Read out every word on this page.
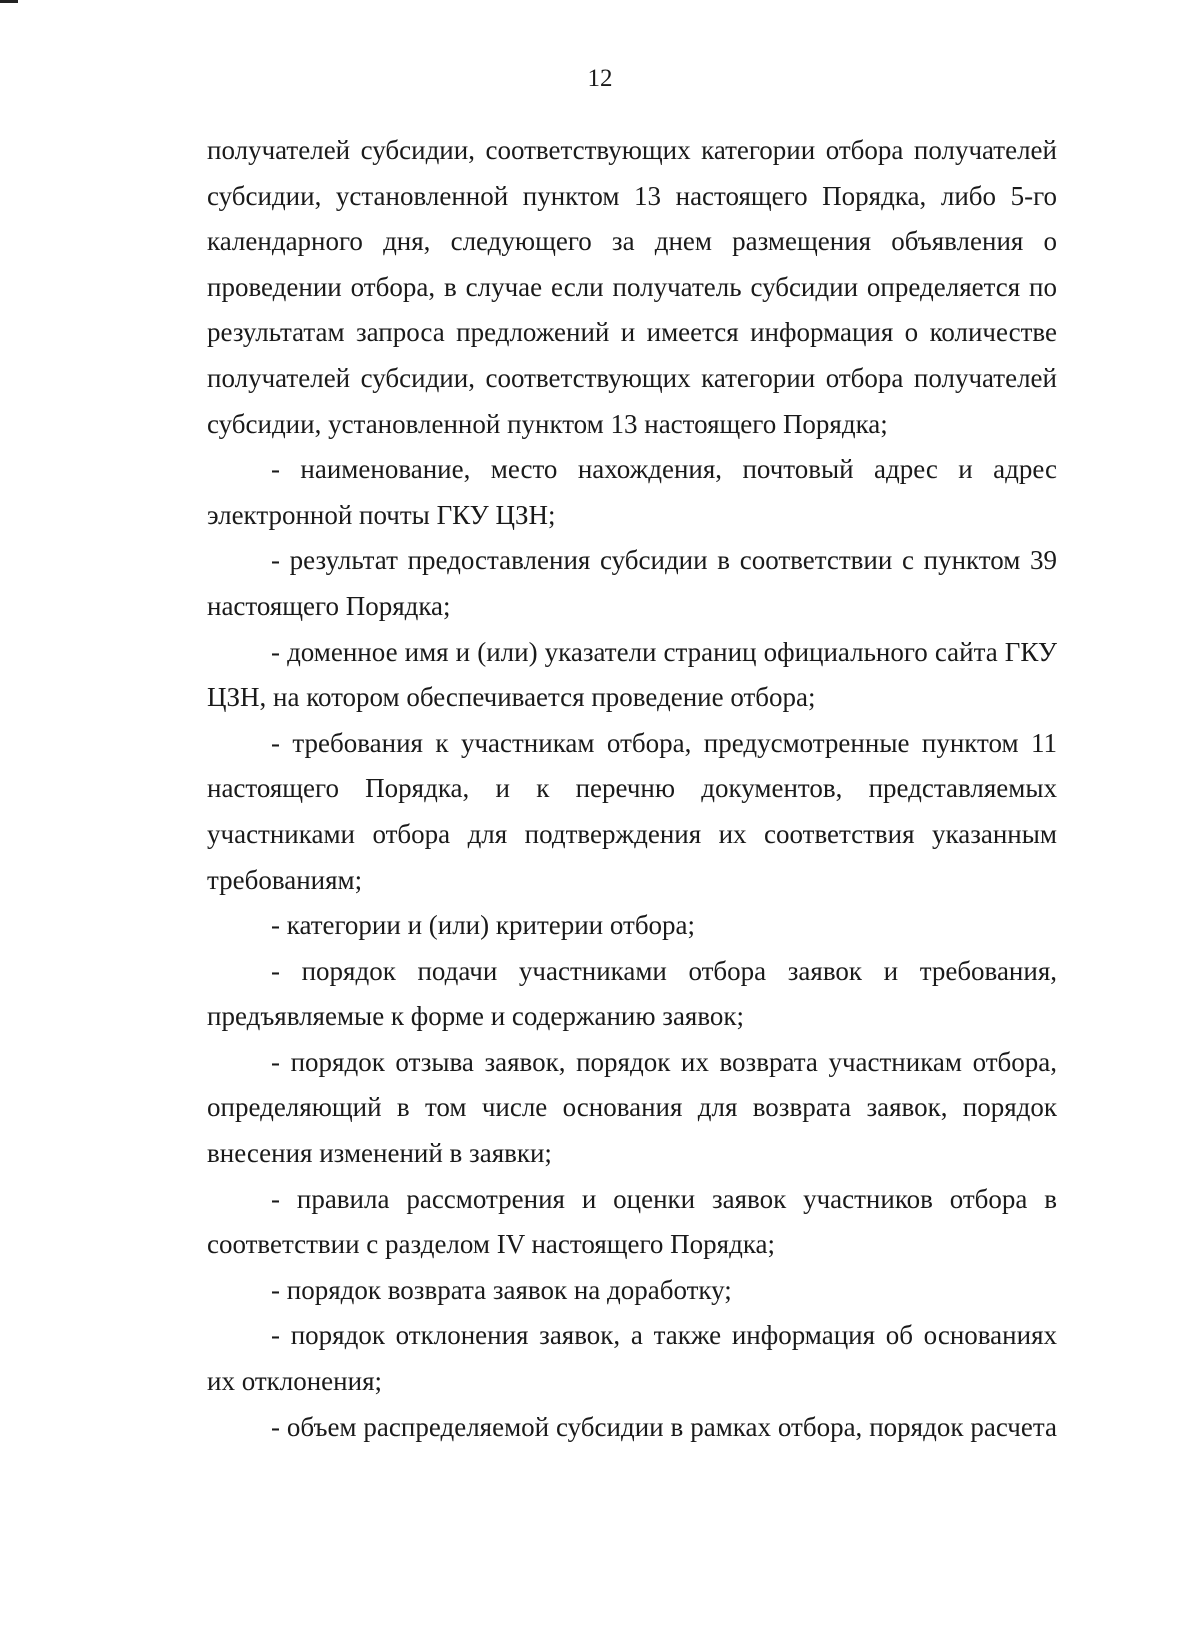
12

получателей субсидии, соответствующих категории отбора получателей субсидии, установленной пунктом 13 настоящего Порядка, либо 5-го календарного дня, следующего за днем размещения объявления о проведении отбора, в случае если получатель субсидии определяется по результатам запроса предложений и имеется информация о количестве получателей субсидии, соответствующих категории отбора получателей субсидии, установленной пунктом 13 настоящего Порядка;

- наименование, место нахождения, почтовый адрес и адрес электронной почты ГКУ ЦЗН;

- результат предоставления субсидии в соответствии с пунктом 39 настоящего Порядка;

- доменное имя и (или) указатели страниц официального сайта ГКУ ЦЗН, на котором обеспечивается проведение отбора;

- требования к участникам отбора, предусмотренные пунктом 11 настоящего Порядка, и к перечню документов, представляемых участниками отбора для подтверждения их соответствия указанным требованиям;

- категории и (или) критерии отбора;

- порядок подачи участниками отбора заявок и требования, предъявляемые к форме и содержанию заявок;

- порядок отзыва заявок, порядок их возврата участникам отбора, определяющий в том числе основания для возврата заявок, порядок внесения изменений в заявки;

- правила рассмотрения и оценки заявок участников отбора в соответствии с разделом IV настоящего Порядка;

- порядок возврата заявок на доработку;

- порядок отклонения заявок, а также информация об основаниях их отклонения;

- объем распределяемой субсидии в рамках отбора, порядок расчета
